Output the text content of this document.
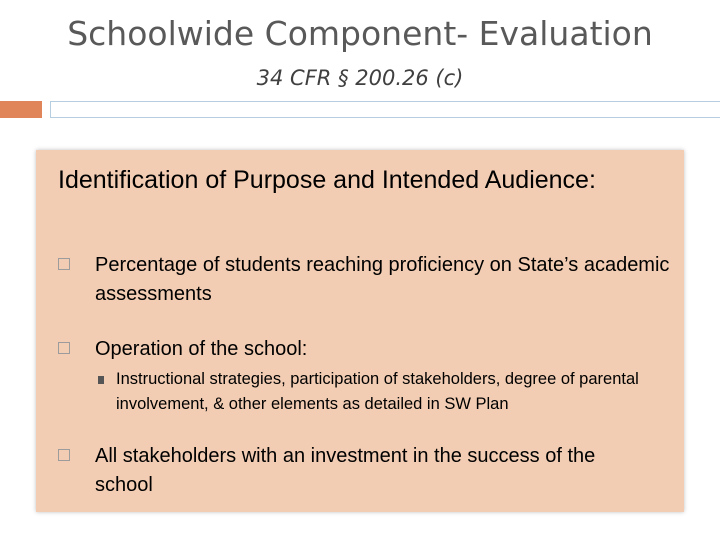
Schoolwide Component- Evaluation
34 CFR § 200.26 (c)
Identification of Purpose and Intended Audience:
Percentage of students reaching proficiency on State’s academic assessments
Operation of the school:
Instructional strategies, participation of stakeholders, degree of parental involvement, & other elements as detailed in SW Plan
All stakeholders with an investment in the success of the school
